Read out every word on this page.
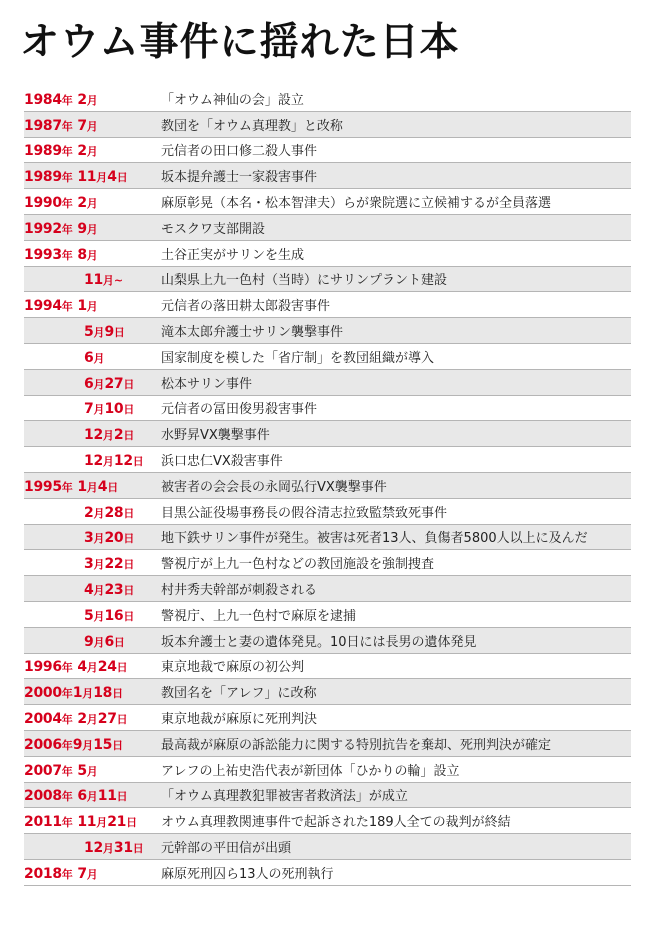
オウム事件に揺れた日本
1984年 2月	「オウム神仙の会」設立
1987年 7月	教団を「オウム真理教」と改称
1989年 2月	元信者の田口修二殺人事件
1989年 11月4日	坂本提弁護士一家殺害事件
1990年 2月	麻原彰晃（本名・松本智津夫）らが衆院選に立候補するが全員落選
1992年 9月	モスクワ支部開設
1993年 8月	土谷正実がサリンを生成
11月~	山梨県上九一色村（当時）にサリンプラント建設
1994年 1月	元信者の落田耕太郎殺害事件
5月9日	滝本太郎弁護士サリン襲撃事件
6月	国家制度を模した「省庁制」を教団組織が導入
6月27日	松本サリン事件
7月10日	元信者の冨田俊男殺害事件
12月2日	水野昇VX襲撃事件
12月12日	浜口忠仁VX殺害事件
1995年 1月4日	被害者の会会長の永岡弘行VX襲撃事件
2月28日	目黒公証役場事務長の假谷清志拉致監禁致死事件
3月20日	地下鉄サリン事件が発生。被害は死者13人、負傷者5800人以上に及んだ
3月22日	警視庁が上九一色村などの教団施設を強制捜査
4月23日	村井秀夫幹部が刺殺される
5月16日	警視庁、上九一色村で麻原を逮捕
9月6日	坂本弁護士と妻の遺体発見。10日には長男の遺体発見
1996年 4月24日	東京地裁で麻原の初公判
2000年1月18日	教団名を「アレフ」に改称
2004年 2月27日	東京地裁が麻原に死刑判決
2006年9月15日	最高裁が麻原の訴訟能力に関する特別抗告を棄却、死刑判決が確定
2007年 5月	アレフの上祐史浩代表が新団体「ひかりの輪」設立
2008年 6月11日	「オウム真理教犯罪被害者救済法」が成立
2011年 11月21日	オウム真理教関連事件で起訴された189人全ての裁判が終結
12月31日	元幹部の平田信が出頭
2018年 7月	麻原死刑囚ら13人の死刑執行
